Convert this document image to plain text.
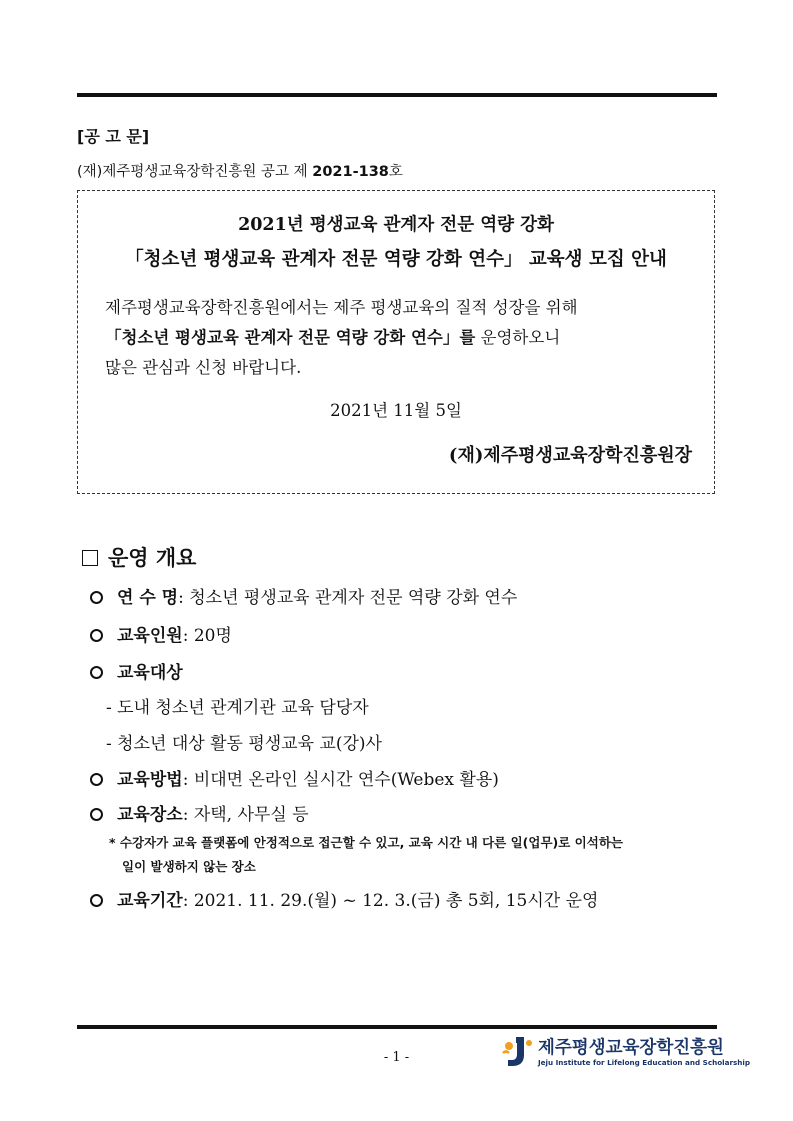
[공 고 문]
(재)제주평생교육장학진흥원 공고 제 2021-138호
2021년 평생교육 관계자 전문 역량 강화
「청소년 평생교육 관계자 전문 역량 강화 연수」 교육생 모집 안내
제주평생교육장학진흥원에서는 제주 평생교육의 질적 성장을 위해
「청소년 평생교육 관계자 전문 역량 강화 연수」를 운영하오니
많은 관심과 신청 바랍니다.
2021년 11월 5일
(재)제주평생교육장학진흥원장
운영 개요
연 수 명: 청소년 평생교육 관계자 전문 역량 강화 연수
교육인원: 20명
교육대상
- 도내 청소년 관계기관 교육 담당자
- 청소년 대상 활동 평생교육 교(강)사
교육방법: 비대면 온라인 실시간 연수(Webex 활용)
교육장소: 자택, 사무실 등
* 수강자가 교육 플랫폼에 안정적으로 접근할 수 있고, 교육 시간 내 다른 일(업무)로 이석하는
일이 발생하지 않는 장소
교육기간: 2021. 11. 29.(월) ~ 12. 3.(금) 총 5회, 15시간 운영
- 1 -	제주평생교육장학진흥원
Jeju Institute for Lifelong Education and Scholarship
